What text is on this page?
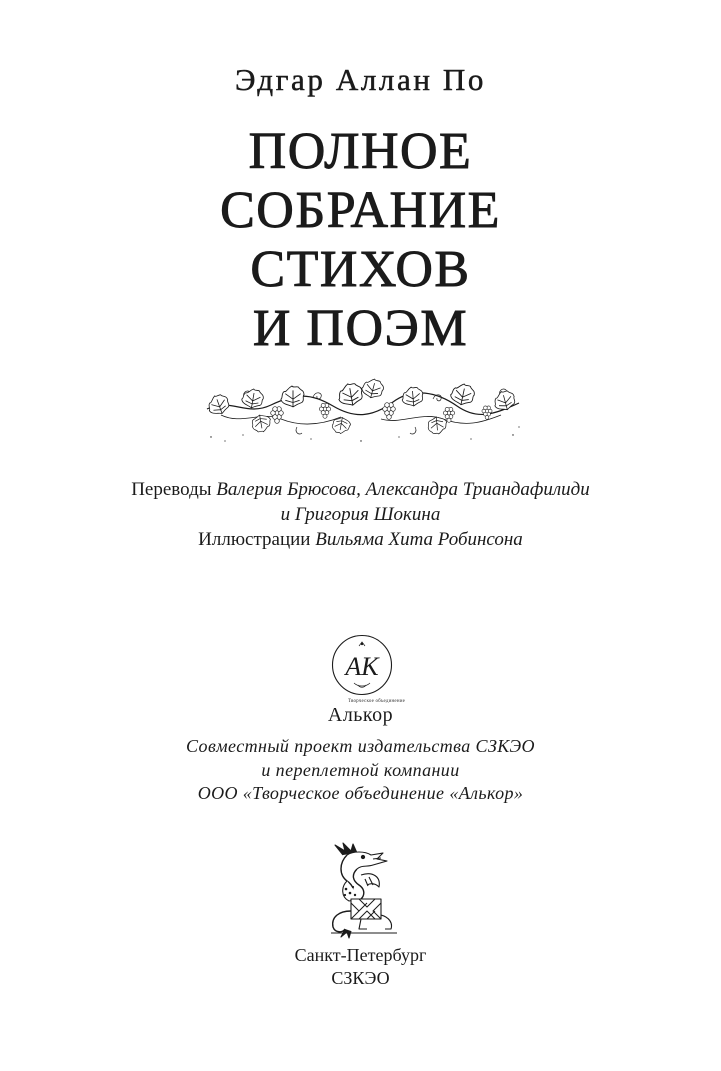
Эдгар Аллан По
ПОЛНОЕ
СОБРАНИЕ
СТИХОВ
И ПОЭМ
Переводы Валерия Брюсова, Александра Триандафилиди
и Григория Шокина
Иллюстрации Вильяма Хита Робинсона
АК
Творческое объединение
Алькор
Совместный проект издательства СЗКЭО
и переплетной компании
ООО «Творческое объединение «Алькор»
Санкт-Петербург
СЗКЭО
